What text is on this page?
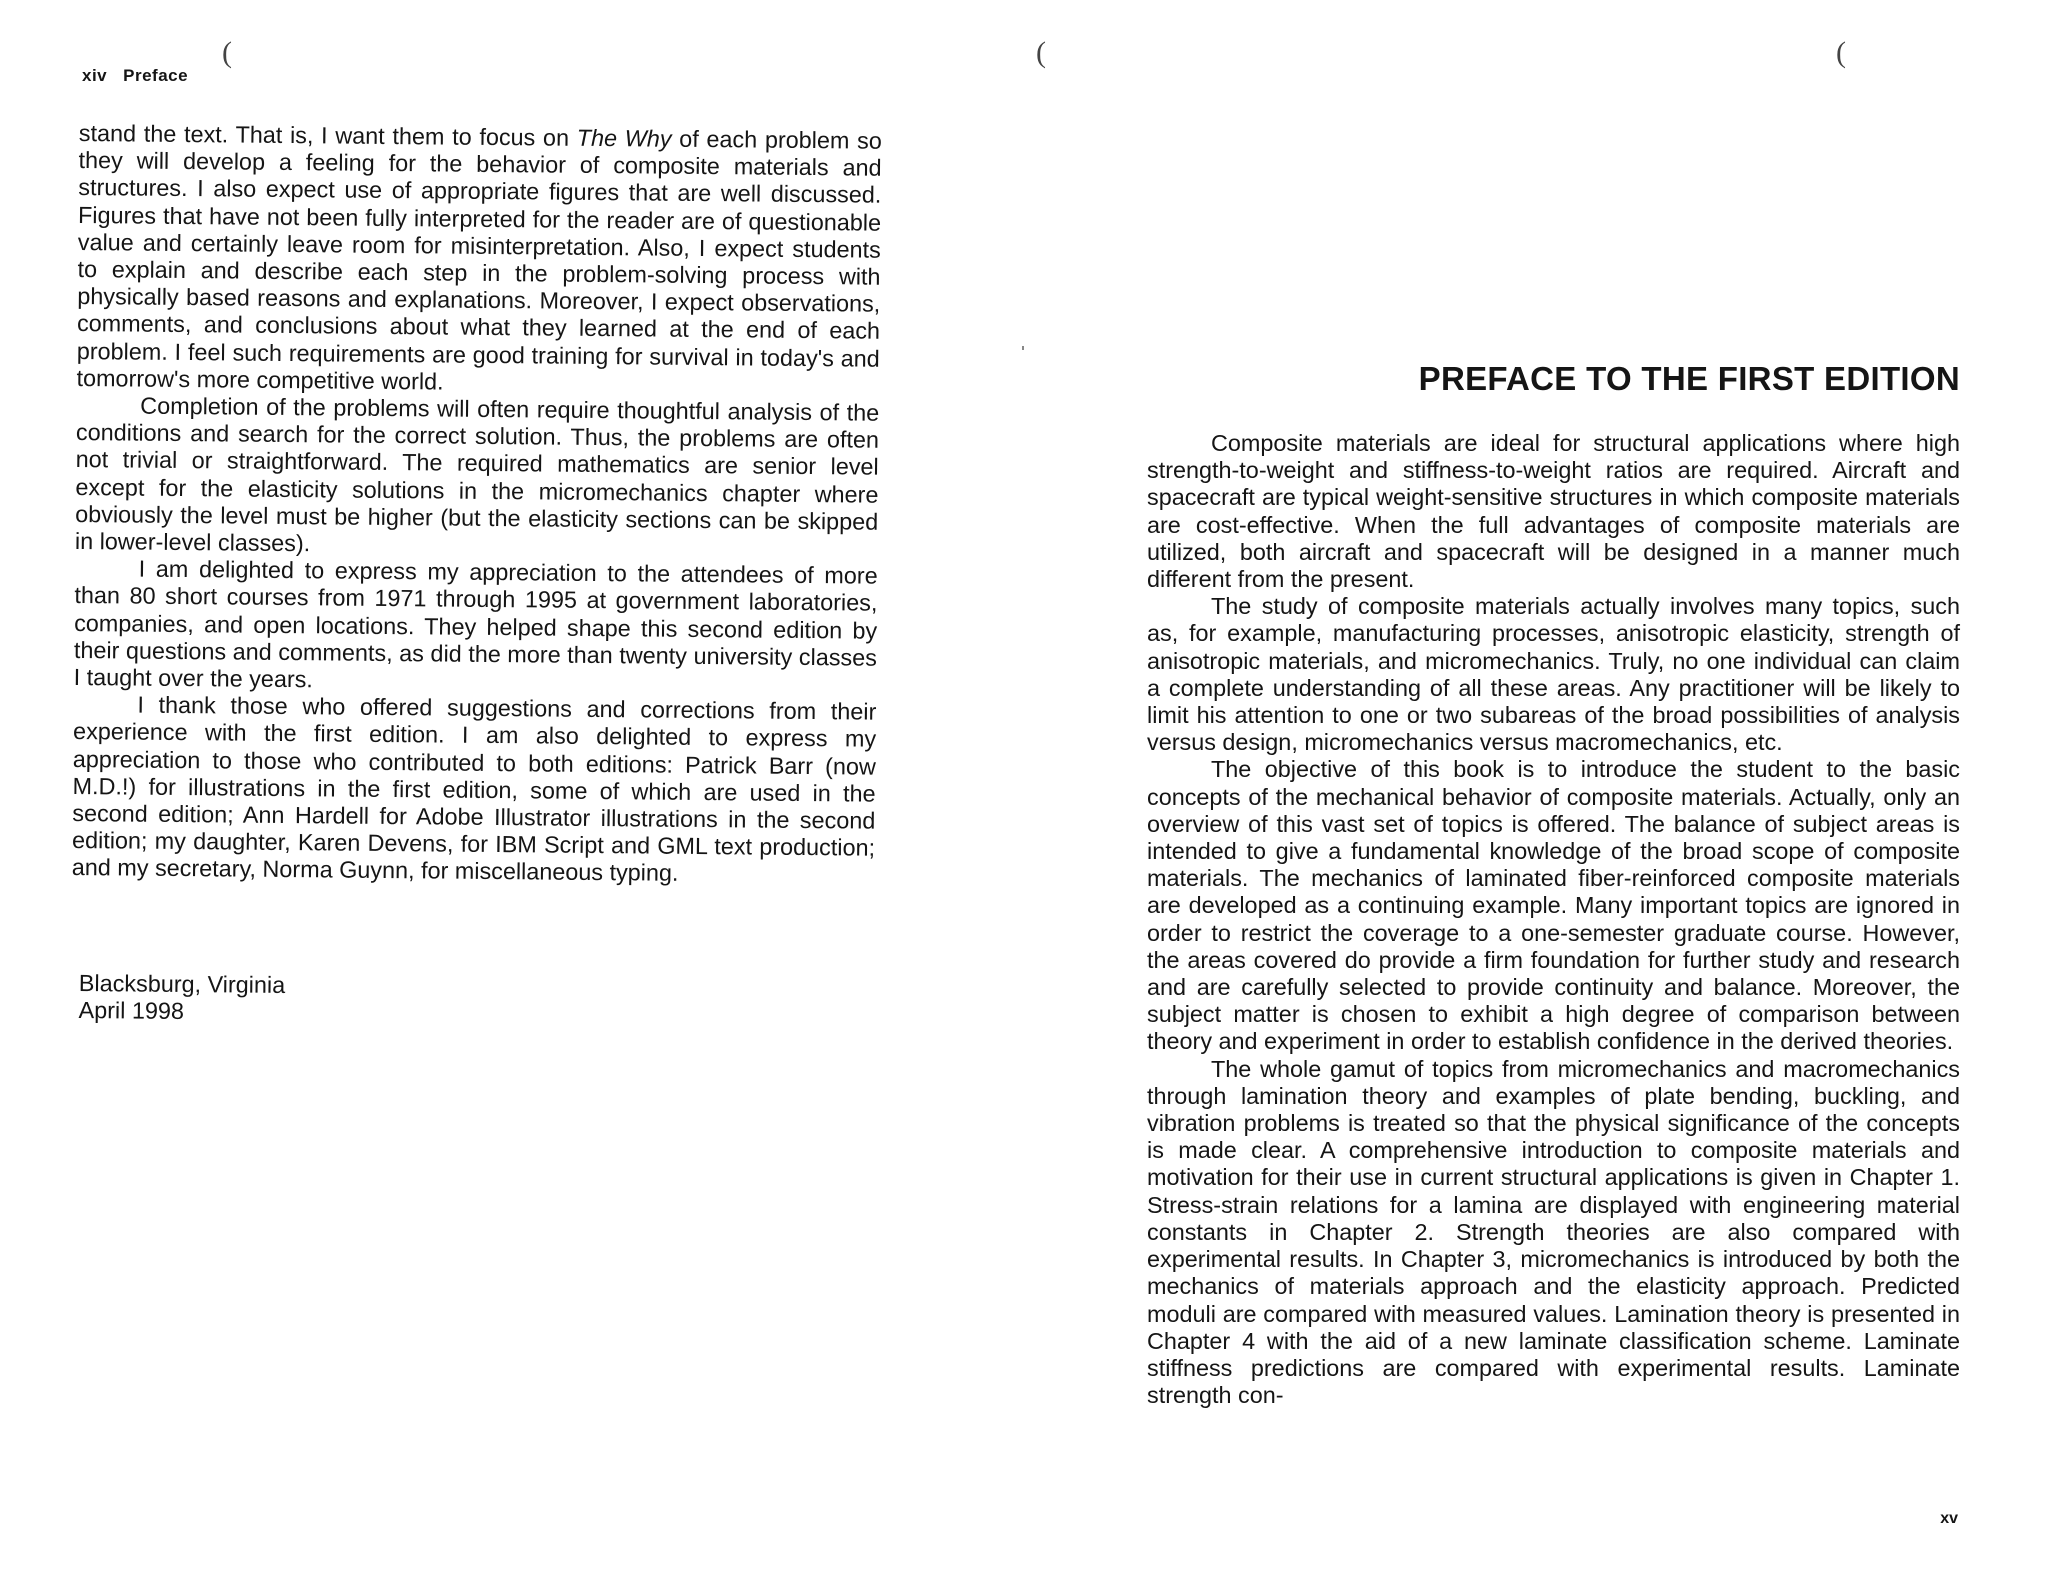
xiv Preface
(

stand the text. That is, I want them to focus on The Why of each problem so they will develop a feeling for the behavior of composite materials and structures. I also expect use of appropriate figures that are well discussed. Figures that have not been fully interpreted for the reader are of questionable value and certainly leave room for misinterpretation. Also, I expect students to explain and describe each step in the problem-solving process with physically based reasons and explanations. Moreover, I expect observations, comments, and conclusions about what they learned at the end of each problem. I feel such requirements are good training for survival in today's and tomorrow's more competitive world.

Completion of the problems will often require thoughtful analysis of the conditions and search for the correct solution. Thus, the problems are often not trivial or straightforward. The required mathematics are senior level except for the elasticity solutions in the micromechanics chapter where obviously the level must be higher (but the elasticity sections can be skipped in lower-level classes).

I am delighted to express my appreciation to the attendees of more than 80 short courses from 1971 through 1995 at government laboratories, companies, and open locations. They helped shape this second edition by their questions and comments, as did the more than twenty university classes I taught over the years.

I thank those who offered suggestions and corrections from their experience with the first edition. I am also delighted to express my appreciation to those who contributed to both editions: Patrick Barr (now M.D.!) for illustrations in the first edition, some of which are used in the second edition; Ann Hardell for Adobe Illustrator illustrations in the second edition; my daughter, Karen Devens, for IBM Script and GML text production; and my secretary, Norma Guynn, for miscellaneous typing.

Blacksburg, Virginia
April 1998
(	(
PREFACE TO THE FIRST EDITION

Composite materials are ideal for structural applications where high strength-to-weight and stiffness-to-weight ratios are required. Aircraft and spacecraft are typical weight-sensitive structures in which composite materials are cost-effective. When the full advantages of composite materials are utilized, both aircraft and spacecraft will be designed in a manner much different from the present.

The study of composite materials actually involves many topics, such as, for example, manufacturing processes, anisotropic elasticity, strength of anisotropic materials, and micromechanics. Truly, no one individual can claim a complete understanding of all these areas. Any practitioner will be likely to limit his attention to one or two subareas of the broad possibilities of analysis versus design, micromechanics versus macromechanics, etc.

The objective of this book is to introduce the student to the basic concepts of the mechanical behavior of composite materials. Actually, only an overview of this vast set of topics is offered. The balance of subject areas is intended to give a fundamental knowledge of the broad scope of composite materials. The mechanics of laminated fiber-reinforced composite materials are developed as a continuing example. Many important topics are ignored in order to restrict the coverage to a one-semester graduate course. However, the areas covered do provide a firm foundation for further study and research and are carefully selected to provide continuity and balance. Moreover, the subject matter is chosen to exhibit a high degree of comparison between theory and experiment in order to establish confidence in the derived theories.

The whole gamut of topics from micromechanics and macromechanics through lamination theory and examples of plate bending, buckling, and vibration problems is treated so that the physical significance of the concepts is made clear. A comprehensive introduction to composite materials and motivation for their use in current structural applications is given in Chapter 1. Stress-strain relations for a lamina are displayed with engineering material constants in Chapter 2. Strength theories are also compared with experimental results. In Chapter 3, micromechanics is introduced by both the mechanics of materials approach and the elasticity approach. Predicted moduli are compared with measured values. Lamination theory is presented in Chapter 4 with the aid of a new laminate classification scheme. Laminate stiffness predictions are compared with experimental results. Laminate strength con-

xv
